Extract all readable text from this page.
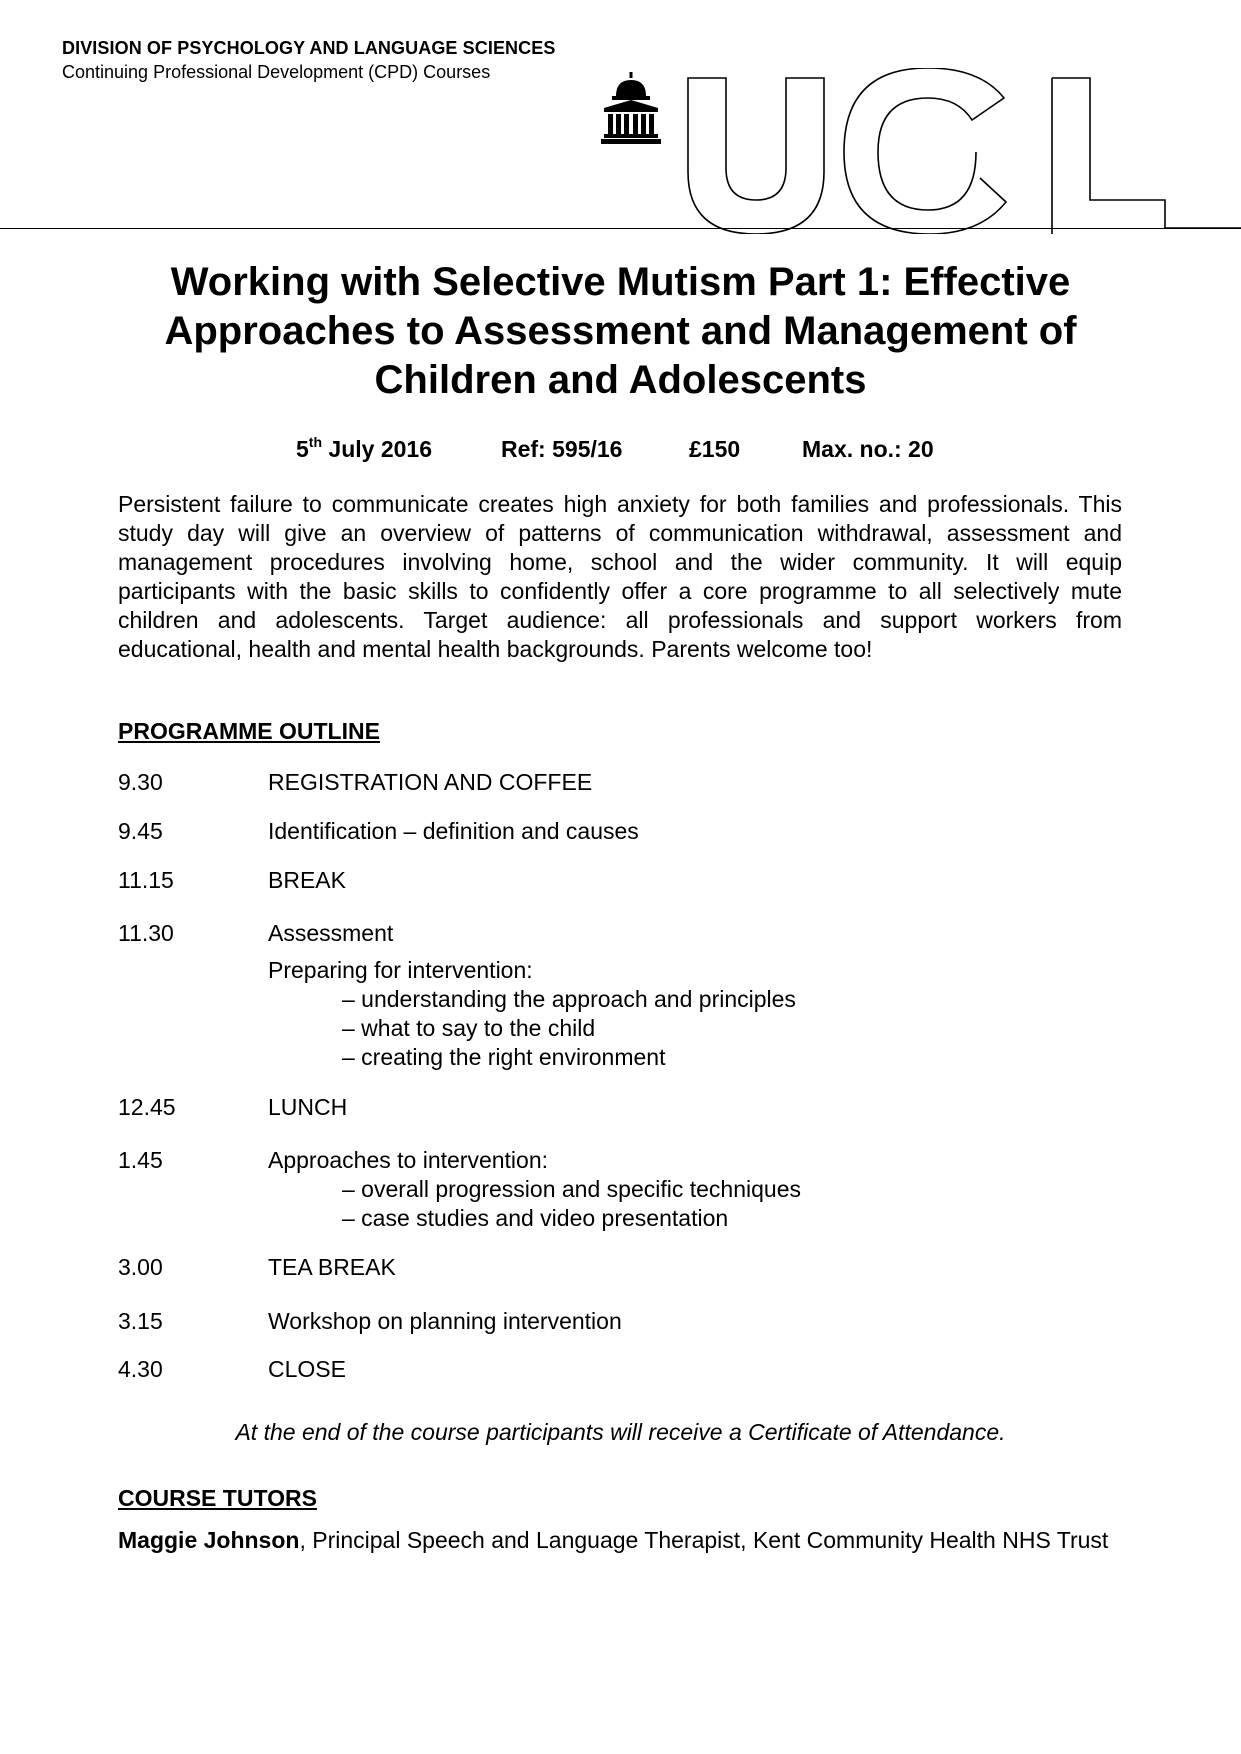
DIVISION OF PSYCHOLOGY AND LANGUAGE SCIENCES
Continuing Professional Development (CPD) Courses
Working with Selective Mutism Part 1: Effective Approaches to Assessment and Management of Children and Adolescents
5th July 2016	Ref: 595/16	£150	Max. no.: 20

Persistent failure to communicate creates high anxiety for both families and professionals. This study day will give an overview of patterns of communication withdrawal, assessment and management procedures involving home, school and the wider community. It will equip participants with the basic skills to confidently offer a core programme to all selectively mute children and adolescents. Target audience: all professionals and support workers from educational, health and mental health backgrounds. Parents welcome too!

PROGRAMME OUTLINE
9.30	REGISTRATION AND COFFEE
9.45	Identification – definition and causes
11.15	BREAK
11.30	Assessment
Preparing for intervention:
– understanding the approach and principles
– what to say to the child
– creating the right environment
12.45	LUNCH
1.45	Approaches to intervention:
– overall progression and specific techniques
– case studies and video presentation
3.00	TEA BREAK
3.15	Workshop on planning intervention
4.30	CLOSE
At the end of the course participants will receive a Certificate of Attendance.
COURSE TUTORS

Maggie Johnson, Principal Speech and Language Therapist, Kent Community Health NHS Trust
